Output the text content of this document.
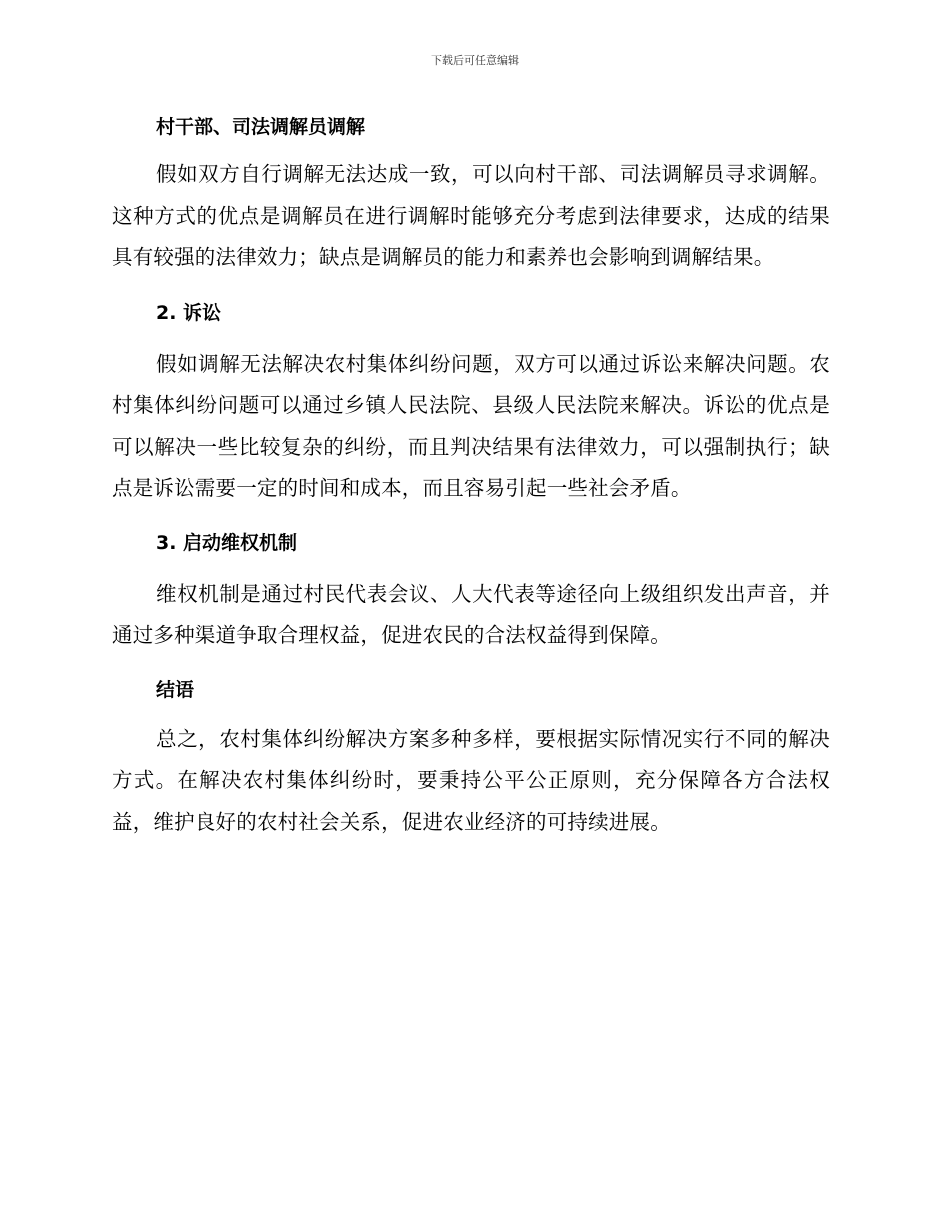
下载后可任意编辑
村干部、司法调解员调解

假如双方自行调解无法达成一致，可以向村干部、司法调解员寻求调解。这种方式的优点是调解员在进行调解时能够充分考虑到法律要求，达成的结果具有较强的法律效力；缺点是调解员的能力和素养也会影响到调解结果。

2. 诉讼

假如调解无法解决农村集体纠纷问题，双方可以通过诉讼来解决问题。农村集体纠纷问题可以通过乡镇人民法院、县级人民法院来解决。诉讼的优点是可以解决一些比较复杂的纠纷，而且判决结果有法律效力，可以强制执行；缺点是诉讼需要一定的时间和成本，而且容易引起一些社会矛盾。

3. 启动维权机制

维权机制是通过村民代表会议、人大代表等途径向上级组织发出声音，并通过多种渠道争取合理权益，促进农民的合法权益得到保障。

结语

总之，农村集体纠纷解决方案多种多样，要根据实际情况实行不同的解决方式。在解决农村集体纠纷时，要秉持公平公正原则，充分保障各方合法权益，维护良好的农村社会关系，促进农业经济的可持续进展。
